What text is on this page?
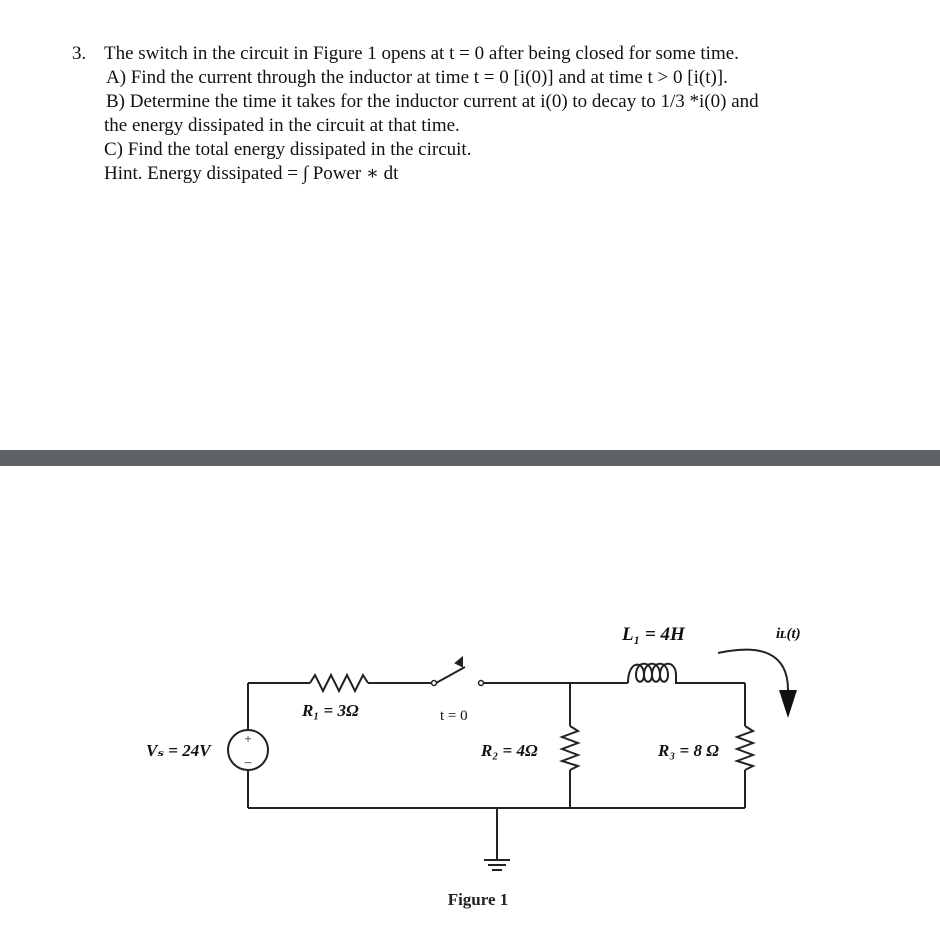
3. The switch in the circuit in Figure 1 opens at t = 0 after being closed for some time.
A) Find the current through the inductor at time t = 0 [i(0)] and at time t > 0 [i(t)].
B) Determine the time it takes for the inductor current at i(0) to decay to 1/3 *i(0) and
the energy dissipated in the circuit at that time.
C) Find the total energy dissipated in the circuit.
Hint. Energy dissipated = ∫ Power ∗ dt
+
–
Vₛ = 24V
R₁ = 3Ω	t = 0
R₂ = 4Ω
L₁ = 4H
R₃ = 8 Ω
iʟ(t)
Figure 1
